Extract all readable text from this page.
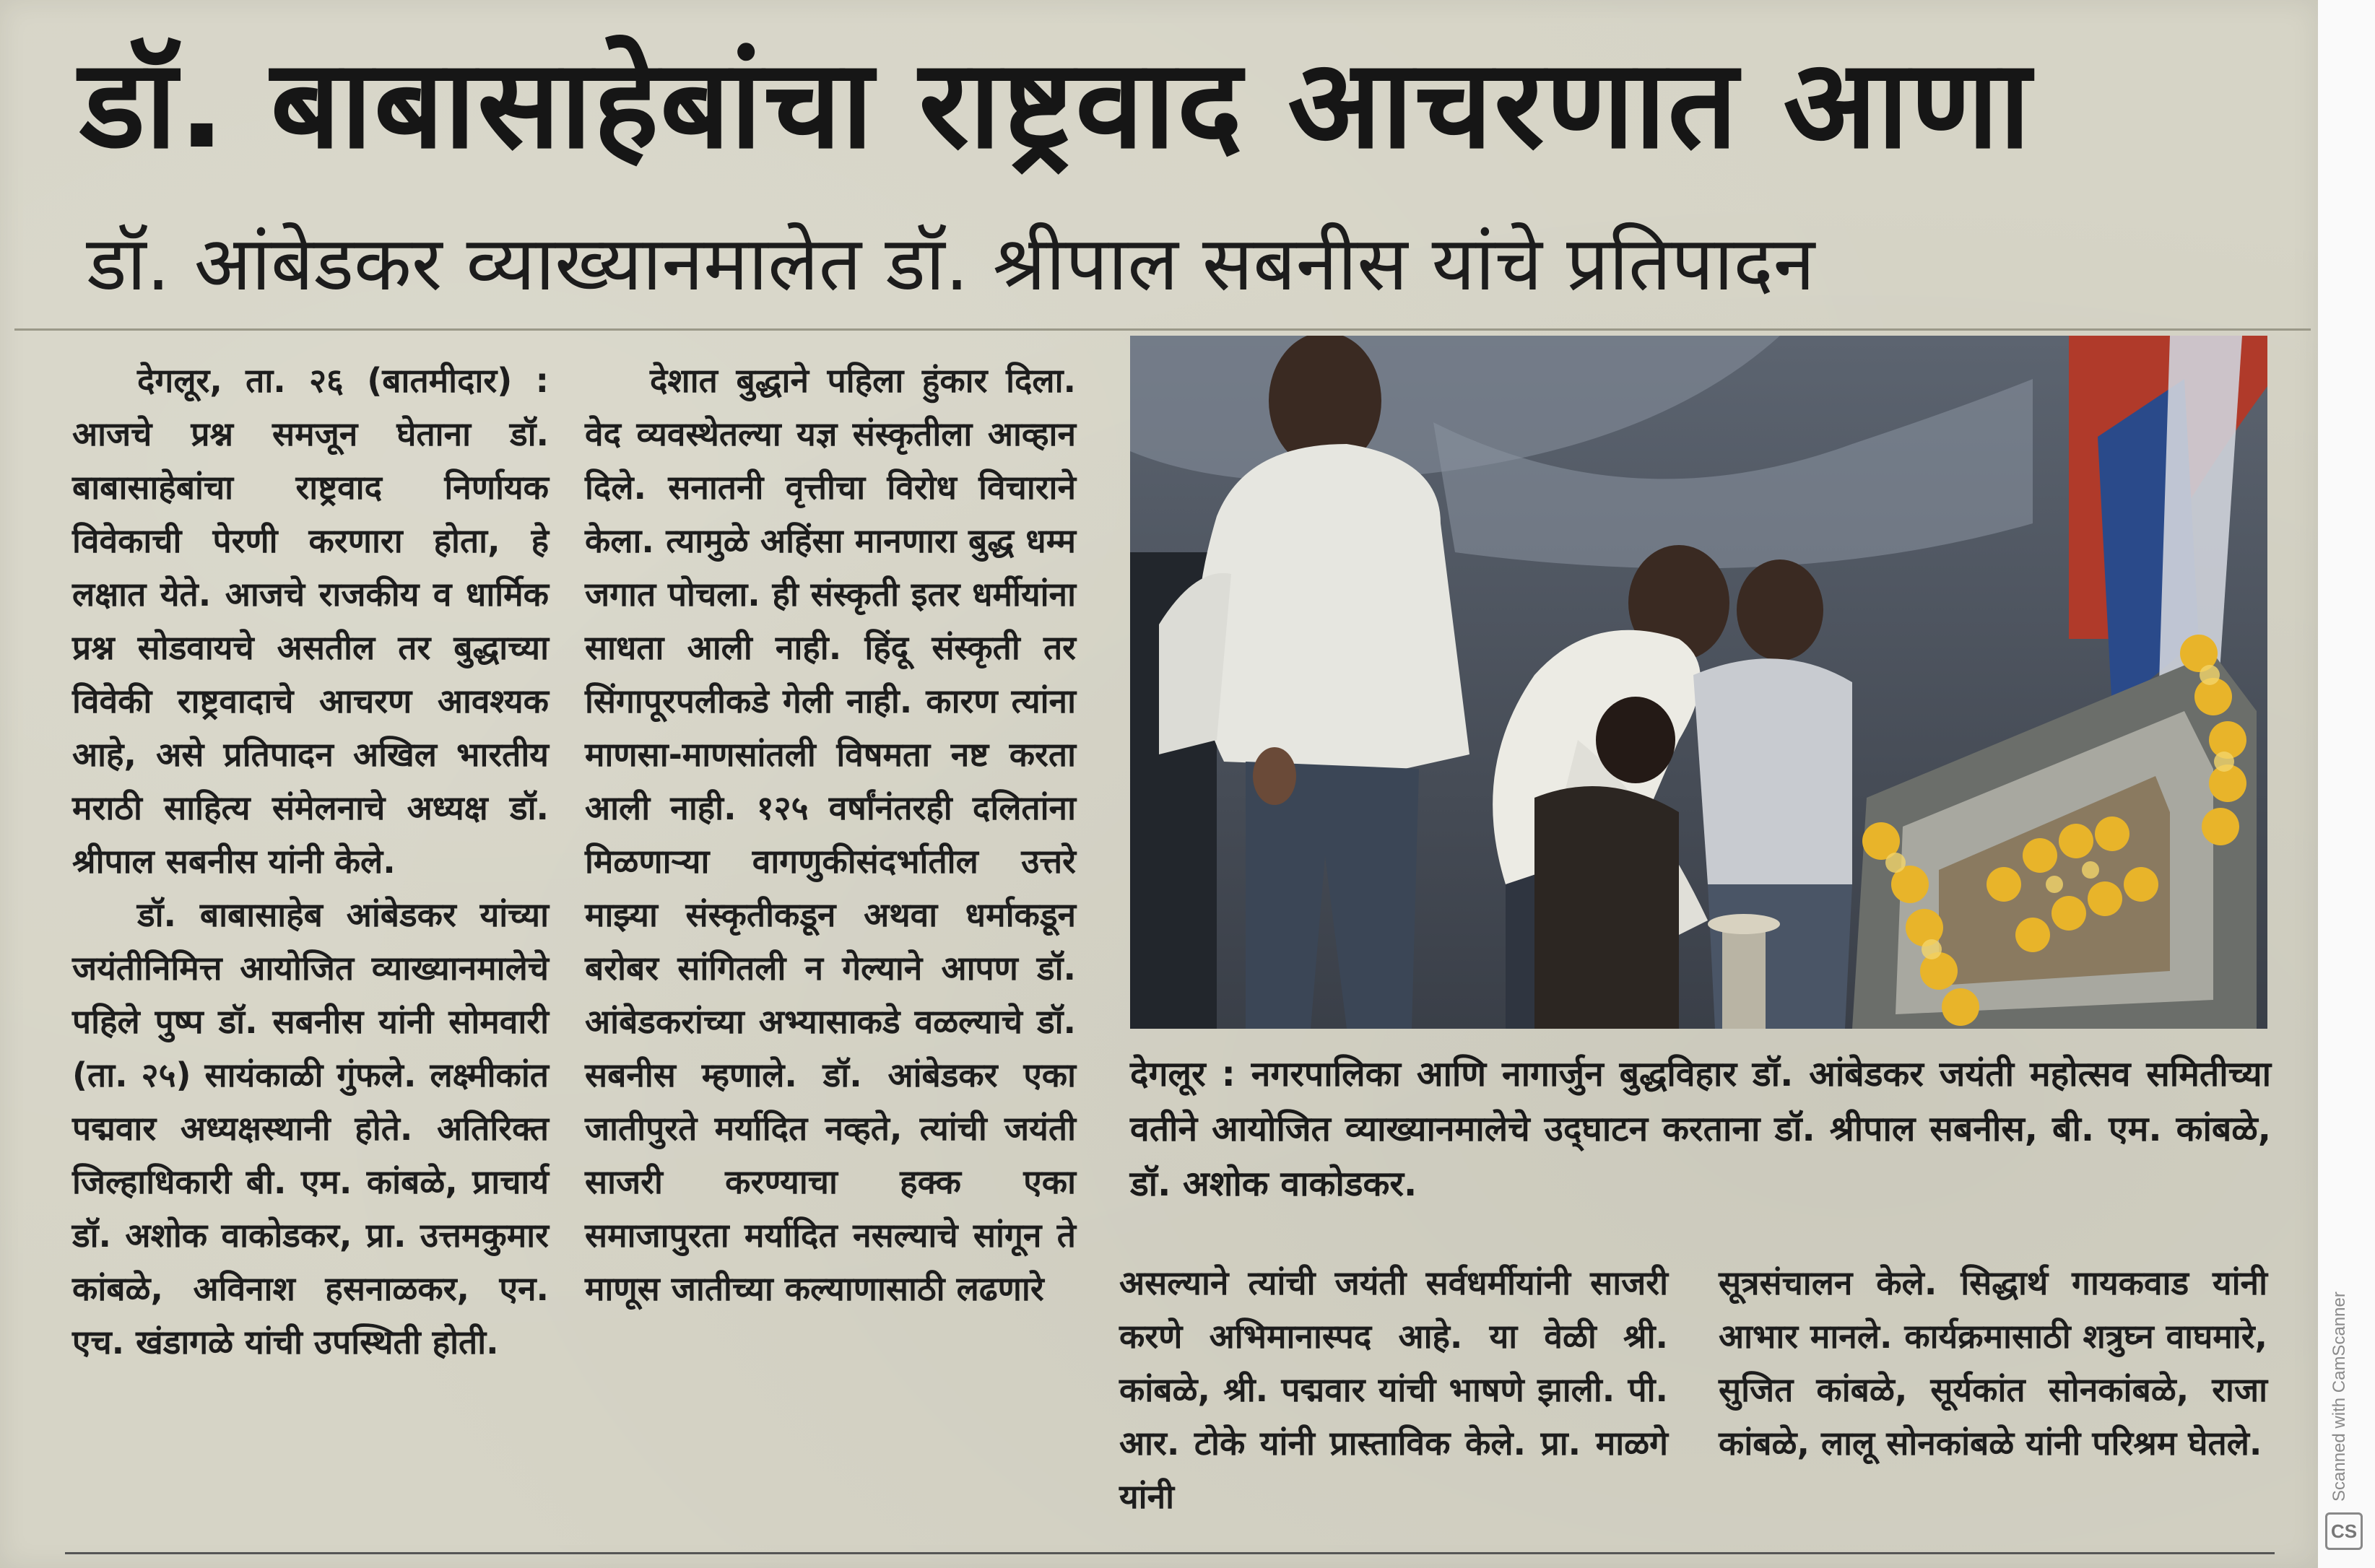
डॉ. बाबासाहेबांचा राष्ट्रवाद आचरणात आणा
डॉ. आंबेडकर व्याख्यानमालेत डॉ. श्रीपाल सबनीस यांचे प्रतिपादन

देगलूर, ता. २६ (बातमीदार) : आजचे प्रश्न समजून घेताना डॉ. बाबासाहेबांचा राष्ट्रवाद निर्णायक विवेकाची पेरणी करणारा होता, हे लक्षात येते. आजचे राजकीय व धार्मिक प्रश्न सोडवायचे असतील तर बुद्धाच्या विवेकी राष्ट्रवादाचे आचरण आवश्यक आहे, असे प्रतिपादन अखिल भारतीय मराठी साहित्य संमेलनाचे अध्यक्ष डॉ. श्रीपाल सबनीस यांनी केले.

डॉ. बाबासाहेब आंबेडकर यांच्या जयंतीनिमित्त आयोजित व्याख्यानमालेचे पहिले पुष्प डॉ. सबनीस यांनी सोमवारी (ता. २५) सायंकाळी गुंफले. लक्ष्मीकांत पद्मवार अध्यक्षस्थानी होते. अतिरिक्त जिल्हाधिकारी बी. एम. कांबळे, प्राचार्य डॉ. अशोक वाकोडकर, प्रा. उत्तमकुमार कांबळे, अविनाश हसनाळकर, एन. एच. खंडागळे यांची उपस्थिती होती.

देशात बुद्धाने पहिला हुंकार दिला. वेद व्यवस्थेतल्या यज्ञ संस्कृतीला आव्हान दिले. सनातनी वृत्तीचा विरोध विचाराने केला. त्यामुळे अहिंसा मानणारा बुद्ध धम्म जगात पोचला. ही संस्कृती इतर धर्मीयांना साधता आली नाही. हिंदू संस्कृती तर सिंगापूरपलीकडे गेली नाही. कारण त्यांना माणसा-माणसांतली विषमता नष्ट करता आली नाही. १२५ वर्षांनंतरही दलितांना मिळणाऱ्या वागणुकीसंदर्भातील उत्तरे माझ्या संस्कृतीकडून अथवा धर्माकडून बरोबर सांगितली न गेल्याने आपण डॉ. आंबेडकरांच्या अभ्यासाकडे वळल्याचे डॉ. सबनीस म्हणाले. डॉ. आंबेडकर एका जातीपुरते मर्यादित नव्हते, त्यांची जयंती साजरी करण्याचा हक्क एका समाजापुरता मर्यादित नसल्याचे सांगून ते माणूस जातीच्या कल्याणासाठी लढणारे

देगलूर : नगरपालिका आणि नागार्जुन बुद्धविहार डॉ. आंबेडकर जयंती महोत्सव समितीच्या वतीने आयोजित व्याख्यानमालेचे उद्‌घाटन करताना डॉ. श्रीपाल सबनीस, बी. एम. कांबळे, डॉ. अशोक वाकोडकर.

असल्याने त्यांची जयंती सर्वधर्मीयांनी साजरी करणे अभिमानास्पद आहे. या वेळी श्री. कांबळे, श्री. पद्मवार यांची भाषणे झाली. पी. आर. टोके यांनी प्रास्ताविक केले. प्रा. माळगे यांनी

सूत्रसंचालन केले. सिद्धार्थ गायकवाड यांनी आभार मानले. कार्यक्रमासाठी शत्रुघ्न वाघमारे, सुजित कांबळे, सूर्यकांत सोनकांबळे, राजा कांबळे, लालू सोनकांबळे यांनी परिश्रम घेतले.	Scanned with CamScanner
CS
